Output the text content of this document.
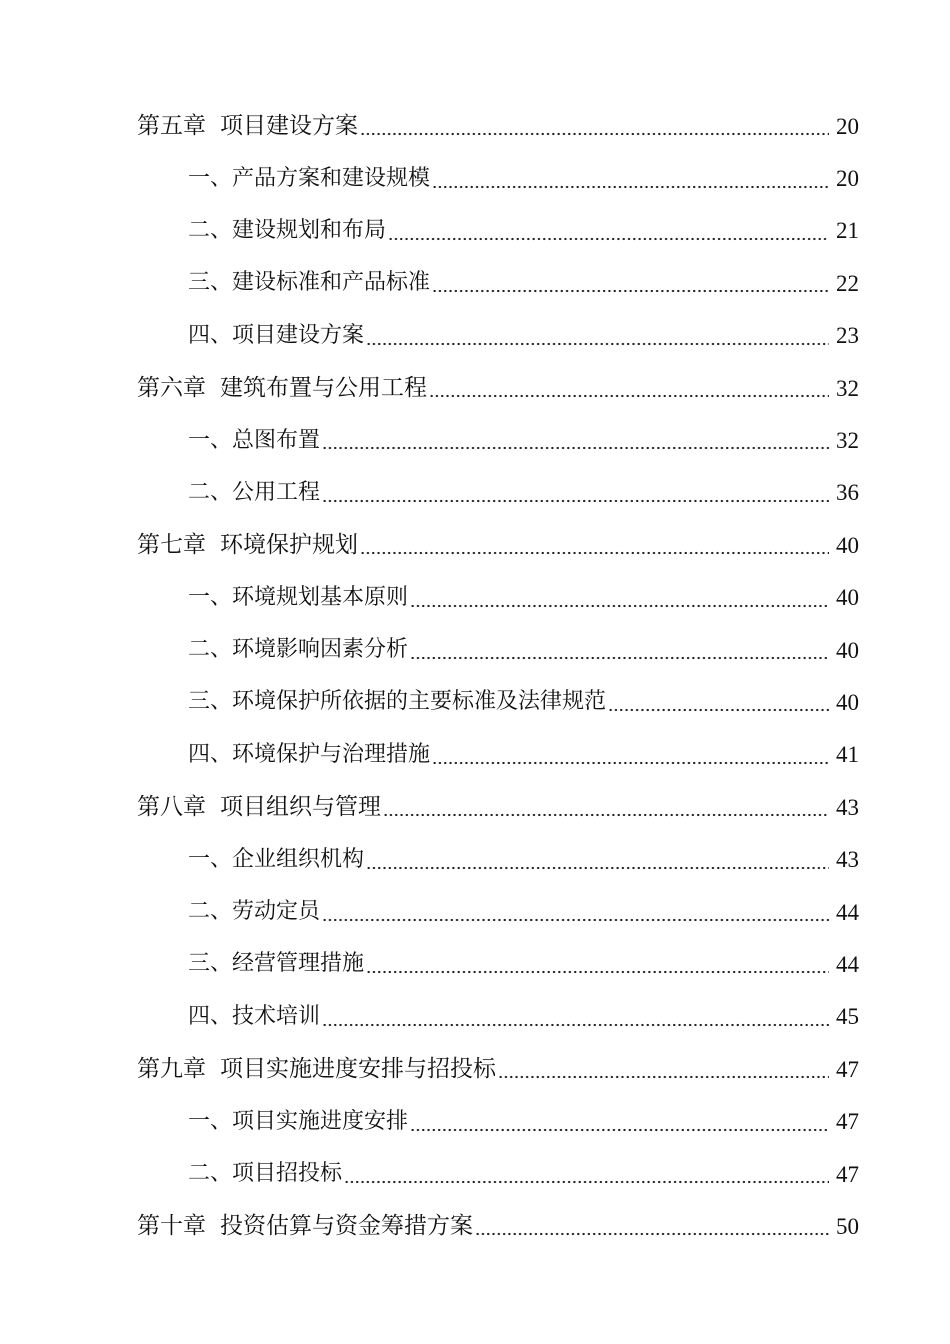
第五章 项目建设方案	20
一、产品方案和建设规模	20
二、建设规划和布局	21
三、建设标准和产品标准	22
四、项目建设方案	23
第六章 建筑布置与公用工程	32
一、总图布置	32
二、公用工程	36
第七章 环境保护规划	40
一、环境规划基本原则	40
二、环境影响因素分析	40
三、环境保护所依据的主要标准及法律规范	40
四、环境保护与治理措施	41
第八章 项目组织与管理	43
一、企业组织机构	43
二、劳动定员	44
三、经营管理措施	44
四、技术培训	45
第九章 项目实施进度安排与招投标	47
一、项目实施进度安排	47
二、项目招投标	47
第十章 投资估算与资金筹措方案	50
